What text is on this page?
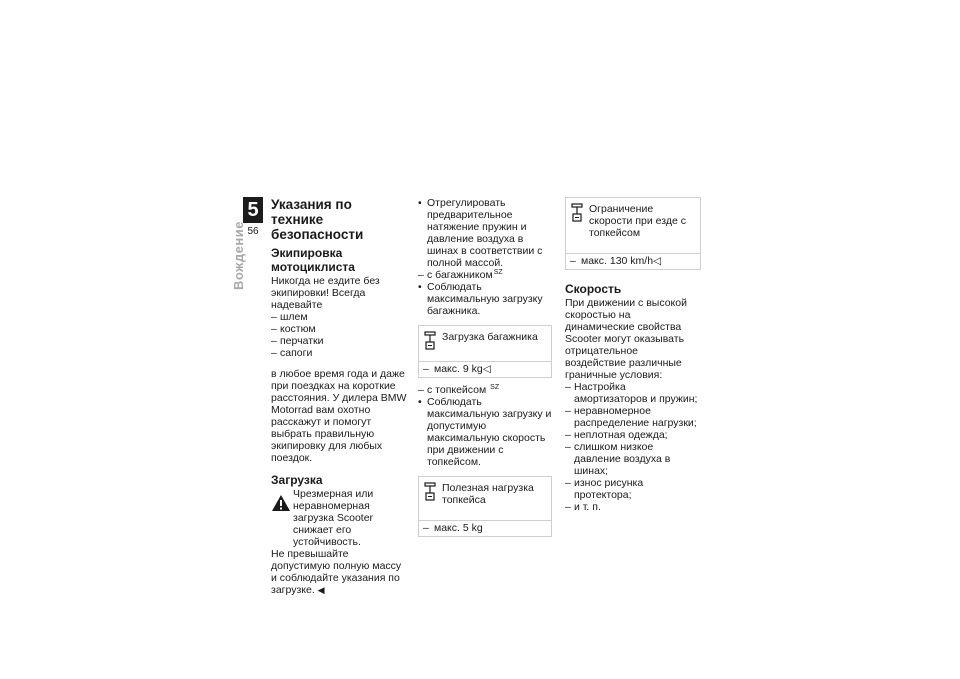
5
56
Вождение
Указания по технике безопасности
Экипировка мотоциклиста

Никогда не ездите без экипировки! Всегда надевайте

– шлем
– костюм
– перчатки
– сапоги

в любое время года и даже при поездках на короткие расстояния. У дилера BMW Motorrad вам охотно расскажут и помогут выбрать правильную экипировку для любых поездок.

Загрузка
Чрезмерная или неравномерная загрузка Scooter снижает его устойчивость.

Не превышайте допустимую полную массу и соблюдайте указания по загрузке. ◀

• Отрегулировать предварительное натяжение пружин и давление воздуха в шинах в соответствии с полной массой.
– с багажником$^{SZ}$
• Соблюдать максимальную загрузку багажника.
Загрузка багажника
– макс. 9 kg◁
– с топкейсом $^{SZ}$
• Соблюдать максимальную загрузку и допустимую максимальную скорость при движении с топкейсом.
Полезная нагрузка топкейса
– макс. 5 kg
Ограничение скорости при езде с топкейсом
– макс. 130 km/h◁
Скорость

При движении с высокой скоростью на динамические свойства Scooter могут оказывать отрицательное воздействие различные граничные условия:

– Настройка амортизаторов и пружин;
– неравномерное распределение нагрузки;
– неплотная одежда;
– слишком низкое давление воздуха в шинах;
– износ рисунка протектора;
– и т. п.
